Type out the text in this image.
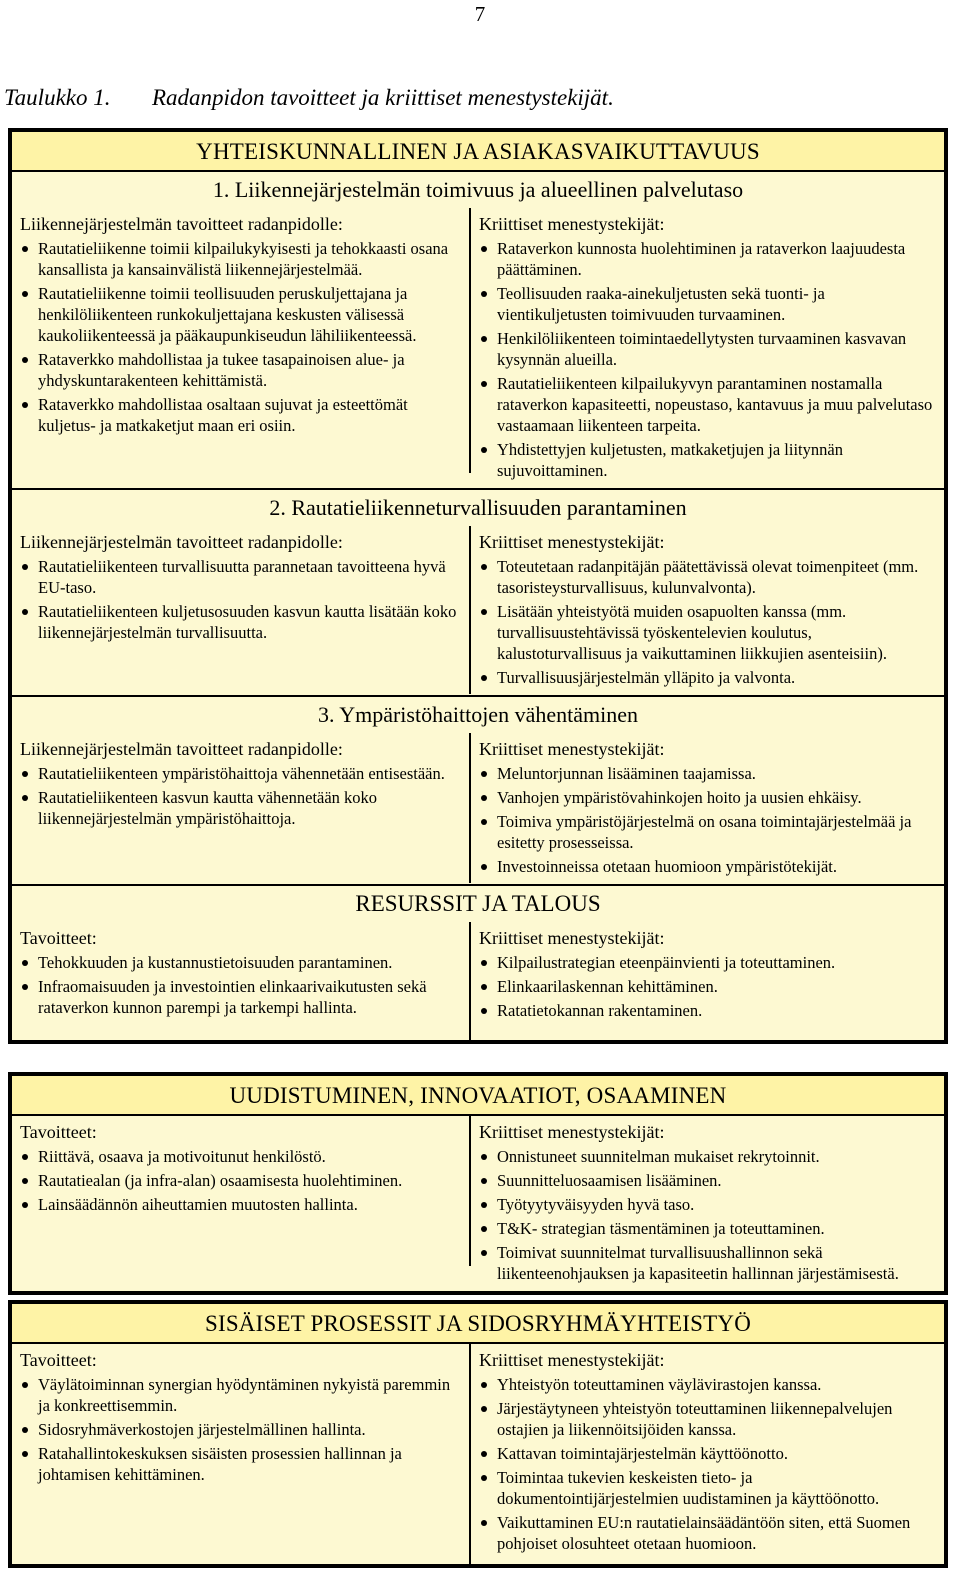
7
Taulukko 1. Radanpidon tavoitteet ja kriittiset menestystekijät.
YHTEISKUNNALLINEN JA ASIAKASVAIKUTTAVUUS
1. Liikennejärjestelmän toimivuus ja alueellinen palvelutaso
Liikennejärjestelmän tavoitteet radanpidolle:
Rautatieliikenne toimii kilpailukykyisesti ja tehokkaasti osana kansallista ja kansainvälistä liikennejärjestelmää.
Rautatieliikenne toimii teollisuuden peruskuljettajana ja henkilöliikenteen runkokuljettajana keskusten välisessä kaukoliikenteessä ja pääkaupunkiseudun lähiliikenteessä.
Rataverkko mahdollistaa ja tukee tasapainoisen alue- ja yhdyskuntarakenteen kehittämistä.
Rataverkko mahdollistaa osaltaan sujuvat ja esteettömät kuljetus- ja matkaketjut maan eri osiin.
Kriittiset menestystekijät:
Rataverkon kunnosta huolehtiminen ja rataverkon laajuudesta päättäminen.
Teollisuuden raaka-ainekuljetusten sekä tuonti- ja vientikuljetusten toimivuuden turvaaminen.
Henkilöliikenteen toimintaedellytysten turvaaminen kasvavan kysynnän alueilla.
Rautatieliikenteen kilpailukyvyn parantaminen nostamalla rataverkon kapasiteetti, nopeustaso, kantavuus ja muu palvelutaso vastaamaan liikenteen tarpeita.
Yhdistettyjen kuljetusten, matkaketjujen ja liitynnän sujuvoittaminen.
2. Rautatieliikenneturvallisuuden parantaminen
Liikennejärjestelmän tavoitteet radanpidolle:
Rautatieliikenteen turvallisuutta parannetaan tavoitteena hyvä EU-taso.
Rautatieliikenteen kuljetusosuuden kasvun kautta lisätään koko liikennejärjestelmän turvallisuutta.
Kriittiset menestystekijät:
Toteutetaan radanpitäjän päätettävissä olevat toimenpiteet (mm. tasoristeysturvallisuus, kulunvalvonta).
Lisätään yhteistyötä muiden osapuolten kanssa (mm. turvallisuustehtävissä työskentelevien koulutus, kalustoturvallisuus ja vaikuttaminen liikkujien asenteisiin).
Turvallisuusjärjestelmän ylläpito ja valvonta.
3. Ympäristöhaittojen vähentäminen
Liikennejärjestelmän tavoitteet radanpidolle:
Rautatieliikenteen ympäristöhaittoja vähennetään entisestään.
Rautatieliikenteen kasvun kautta vähennetään koko liikennejärjestelmän ympäristöhaittoja.
Kriittiset menestystekijät:
Meluntorjunnan lisääminen taajamissa.
Vanhojen ympäristövahinkojen hoito ja uusien ehkäisy.
Toimiva ympäristöjärjestelmä on osana toimintajärjestelmää ja esitetty prosesseissa.
Investoinneissa otetaan huomioon ympäristötekijät.
RESURSSIT JA TALOUS
Tavoitteet:
Tehokkuuden ja kustannustietoisuuden parantaminen.
Infraomaisuuden ja investointien elinkaarivaikutusten sekä rataverkon kunnon parempi ja tarkempi hallinta.
Kriittiset menestystekijät:
Kilpailustrategian eteenpäinvienti ja toteuttaminen.
Elinkaarilaskennan kehittäminen.
Ratatietokannan rakentaminen.
UUDISTUMINEN, INNOVAATIOT, OSAAMINEN
Tavoitteet:
Riittävä, osaava ja motivoitunut henkilöstö.
Rautatiealan (ja infra-alan) osaamisesta huolehtiminen.
Lainsäädännön aiheuttamien muutosten hallinta.
Kriittiset menestystekijät:
Onnistuneet suunnitelman mukaiset rekrytoinnit.
Suunnitteluosaamisen lisääminen.
Työtyytyväisyyden hyvä taso.
T&K- strategian täsmentäminen ja toteuttaminen.
Toimivat suunnitelmat turvallisuushallinnon sekä liikenteenohjauksen ja kapasiteetin hallinnan järjestämisestä.
SISÄISET PROSESSIT JA SIDOSRYHMÄYHTEISTYÖ
Tavoitteet:
Väylätoiminnan synergian hyödyntäminen nykyistä paremmin ja konkreettisemmin.
Sidosryhmäverkostojen järjestelmällinen hallinta.
Ratahallintokeskuksen sisäisten prosessien hallinnan ja johtamisen kehittäminen.
Kriittiset menestystekijät:
Yhteistyön toteuttaminen väylävirastojen kanssa.
Järjestäytyneen yhteistyön toteuttaminen liikennepalvelujen ostajien ja liikennöitsijöiden kanssa.
Kattavan toimintajärjestelmän käyttöönotto.
Toimintaa tukevien keskeisten tieto- ja dokumentointijärjestelmien uudistaminen ja käyttöönotto.
Vaikuttaminen EU:n rautatielainsäädäntöön siten, että Suomen pohjoiset olosuhteet otetaan huomioon.
